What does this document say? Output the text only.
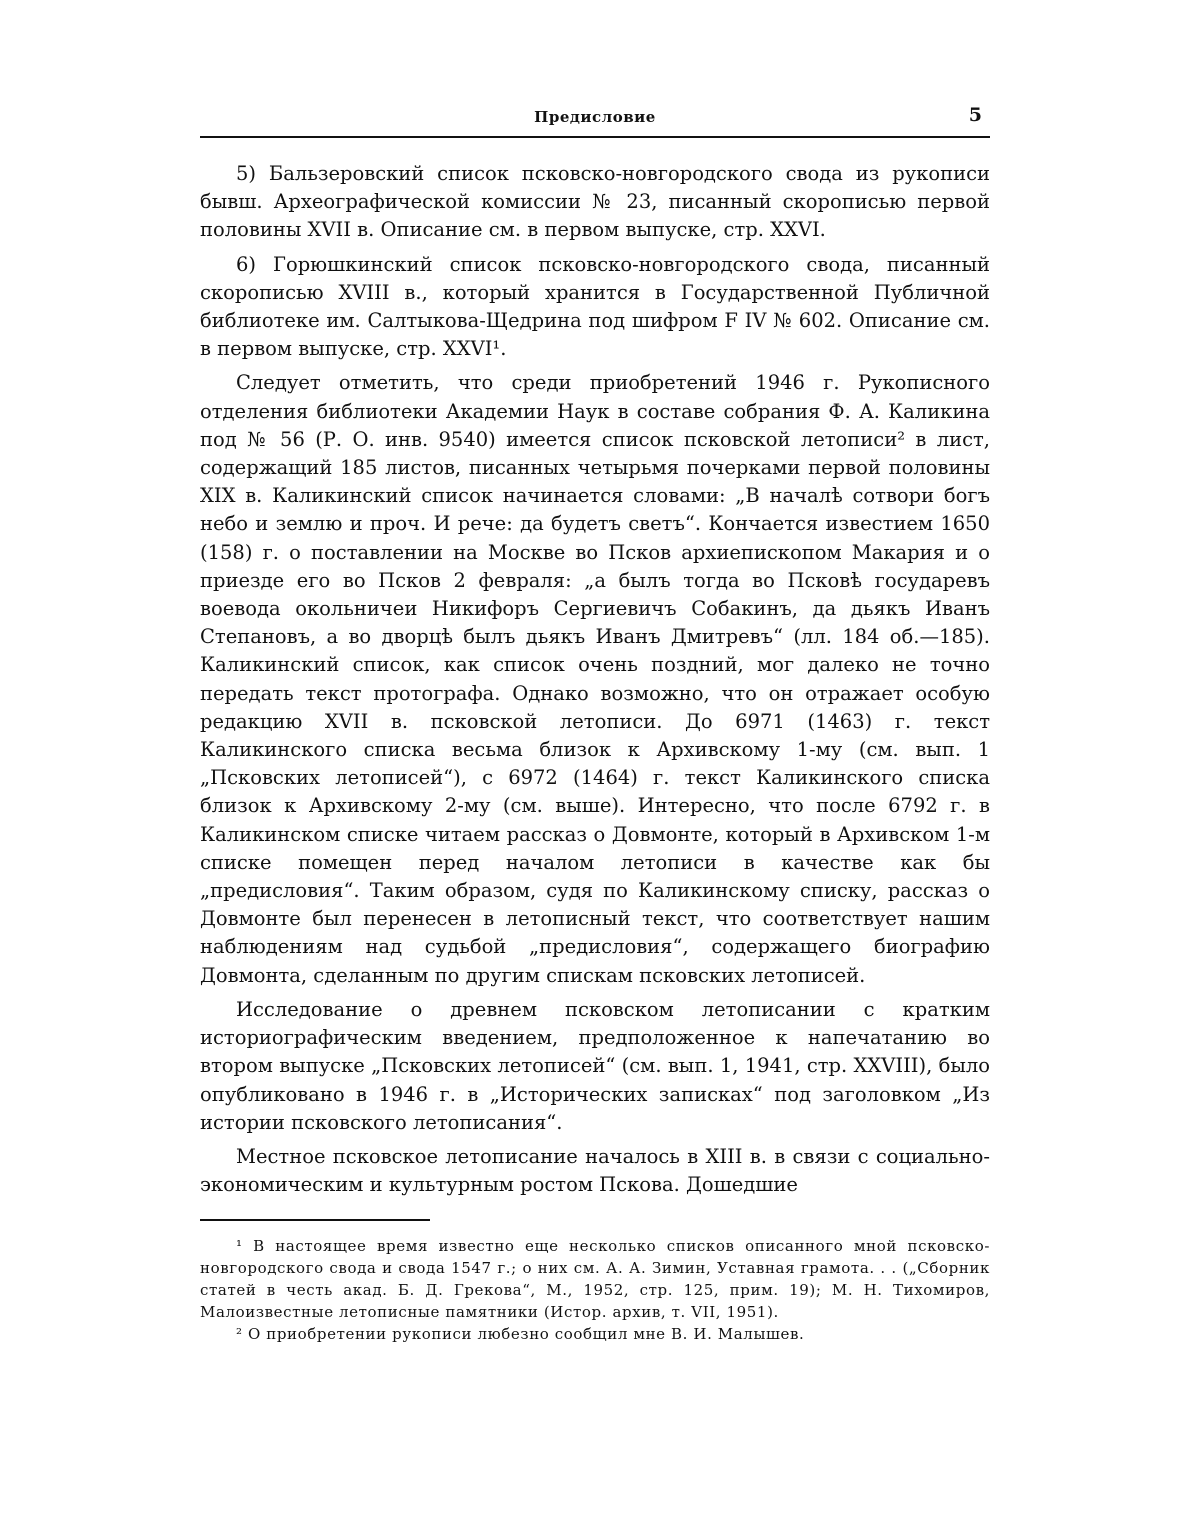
Предисловие	5

5) Бальзеровский список псковско-новгородского свода из рукописи бывш. Археографической комиссии № 23, писанный скорописью первой половины XVII в. Описание см. в первом выпуске, стр. XXVI.

6) Горюшкинский список псковско-новгородского свода, писанный скорописью XVIII в., который хранится в Государственной Публичной библиотеке им. Салтыкова-Щедрина под шифром F IV № 602. Описание см. в первом выпуске, стр. XXVI¹.

Следует отметить, что среди приобретений 1946 г. Рукописного отделения библиотеки Академии Наук в составе собрания Ф. А. Каликина под № 56 (Р. О. инв. 9540) имеется список псковской летописи² в лист, содержащий 185 листов, писанных четырьмя почерками первой половины XIX в. Каликинский список начинается словами: „В началѣ сотвори богъ небо и землю и проч. И рече: да будетъ светъ“. Кончается известием 1650 (158) г. о поставлении на Москве во Псков архиепископом Макария и о приезде его во Псков 2 февраля: „а былъ тогда во Псковѣ государевъ воевода окольничеи Никифоръ Сергиевичъ Собакинъ, да дьякъ Иванъ Степановъ, а во дворцѣ былъ дьякъ Иванъ Дмитревъ“ (лл. 184 об.—185). Каликинский список, как список очень поздний, мог далеко не точно передать текст протографа. Однако возможно, что он отражает особую редакцию XVII в. псковской летописи. До 6971 (1463) г. текст Каликинского списка весьма близок к Архивскому 1-му (см. вып. 1 „Псковских летописей“), с 6972 (1464) г. текст Каликинского списка близок к Архивскому 2-му (см. выше). Интересно, что после 6792 г. в Каликинском списке читаем рассказ о Довмонте, который в Архивском 1-м списке помещен перед началом летописи в качестве как бы „предисловия“. Таким образом, судя по Каликинскому списку, рассказ о Довмонте был перенесен в летописный текст, что соответствует нашим наблюдениям над судьбой „предисловия“, содержащего биографию Довмонта, сделанным по другим спискам псковских летописей.

Исследование о древнем псковском летописании с кратким историографическим введением, предположенное к напечатанию во втором выпуске „Псковских летописей“ (см. вып. 1, 1941, стр. XXVIII), было опубликовано в 1946 г. в „Исторических записках“ под заголовком „Из истории псковского летописания“.

Местное псковское летописание началось в XIII в. в связи с социально-экономическим и культурным ростом Пскова. Дошедшие

¹ В настоящее время известно еще несколько списков описанного мной псковско-новгородского свода и свода 1547 г.; о них см. А. А. Зимин, Уставная грамота. . . („Сборник статей в честь акад. Б. Д. Грекова“, М., 1952, стр. 125, прим. 19); М. Н. Тихомиров, Малоизвестные летописные памятники (Истор. архив, т. VII, 1951).

² О приобретении рукописи любезно сообщил мне В. И. Малышев.
